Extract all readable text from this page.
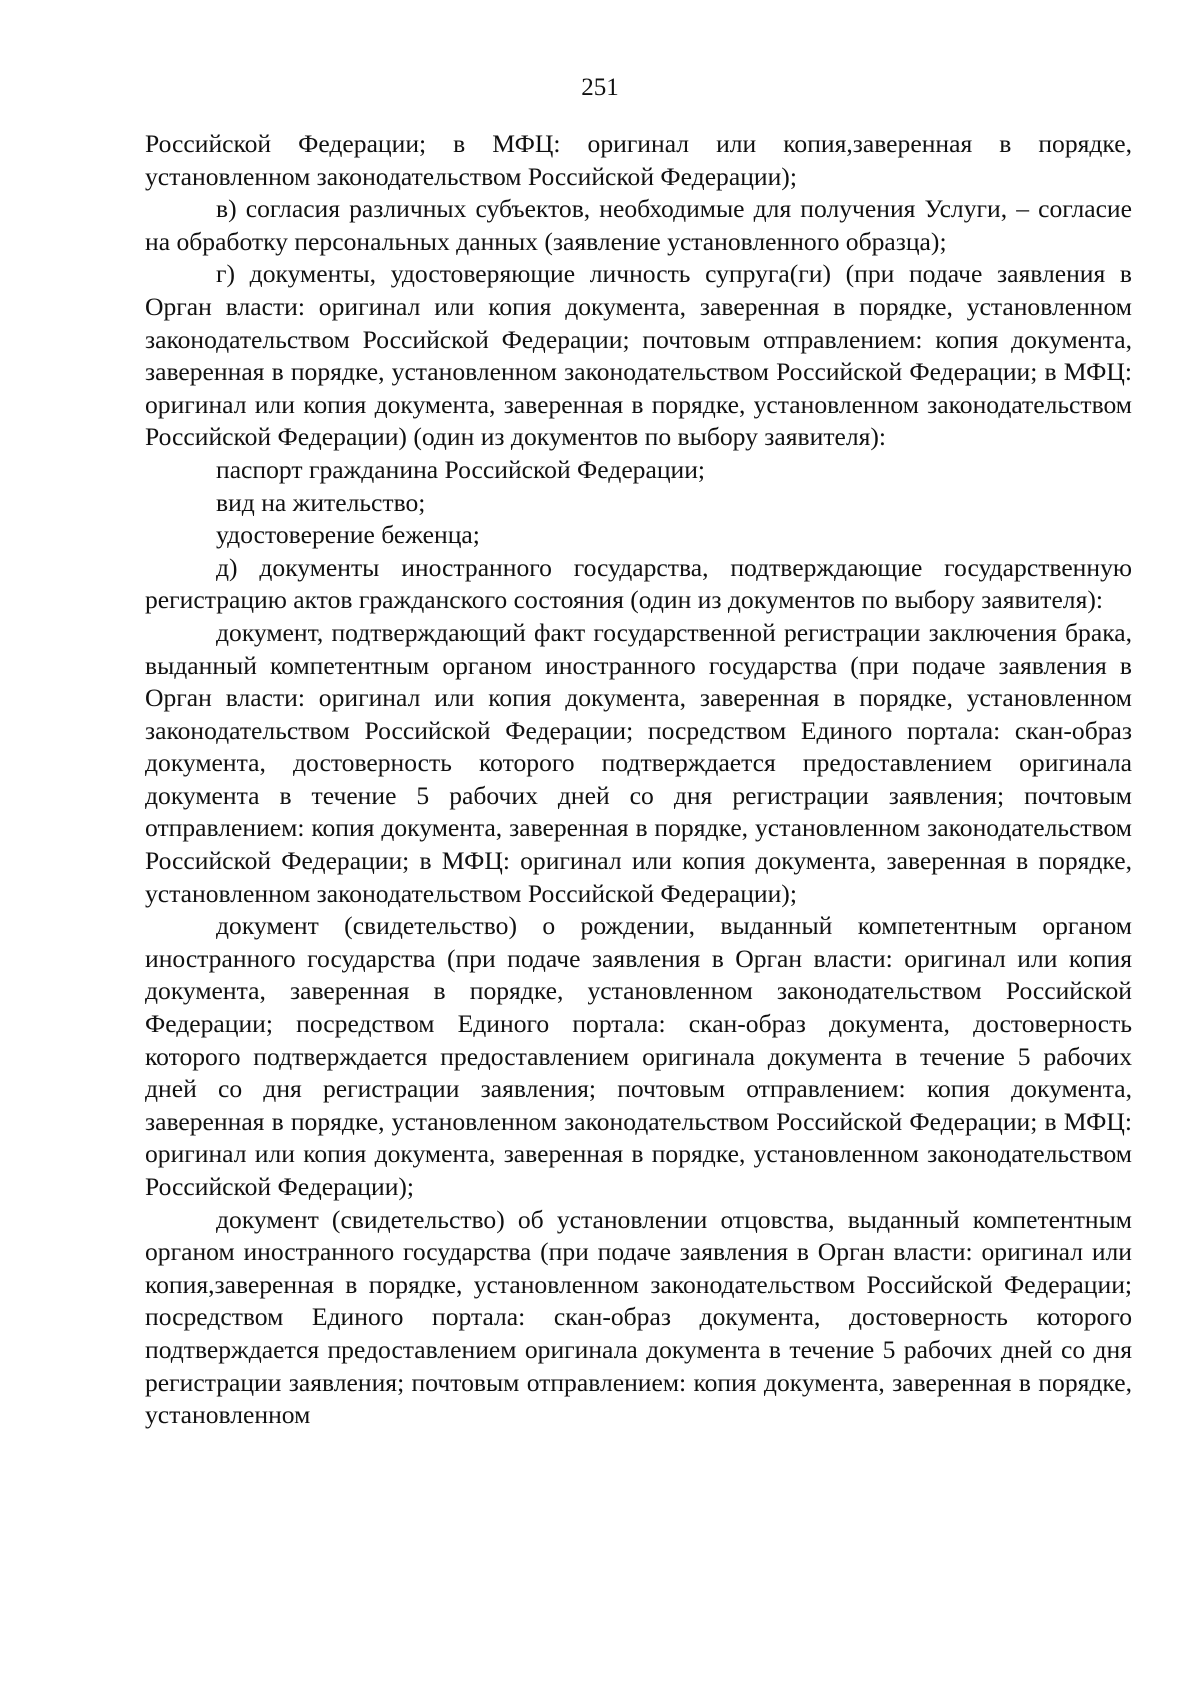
251

Российской Федерации; в МФЦ: оригинал или копия,заверенная в порядке, установленном законодательством Российской Федерации);

в) согласия различных субъектов, необходимые для получения Услуги, – согласие на обработку персональных данных (заявление установленного образца);

г) документы, удостоверяющие личность супруга(ги) (при подаче заявления в Орган власти: оригинал или копия документа, заверенная в порядке, установленном законодательством Российской Федерации; почтовым отправлением: копия документа, заверенная в порядке, установленном законодательством Российской Федерации; в МФЦ: оригинал или копия документа, заверенная в порядке, установленном законодательством Российской Федерации) (один из документов по выбору заявителя):

паспорт гражданина Российской Федерации;

вид на жительство;

удостоверение беженца;

д) документы иностранного государства, подтверждающие государственную регистрацию актов гражданского состояния (один из документов по выбору заявителя):

документ, подтверждающий факт государственной регистрации заключения брака, выданный компетентным органом иностранного государства (при подаче заявления в Орган власти: оригинал или копия документа, заверенная в порядке, установленном законодательством Российской Федерации; посредством Единого портала: скан-образ документа, достоверность которого подтверждается предоставлением оригинала документа в течение 5 рабочих дней со дня регистрации заявления; почтовым отправлением: копия документа, заверенная в порядке, установленном законодательством Российской Федерации; в МФЦ: оригинал или копия документа, заверенная в порядке, установленном законодательством Российской Федерации);

документ (свидетельство) о рождении, выданный компетентным органом иностранного государства (при подаче заявления в Орган власти: оригинал или копия документа, заверенная в порядке, установленном законодательством Российской Федерации; посредством Единого портала: скан-образ документа, достоверность которого подтверждается предоставлением оригинала документа в течение 5 рабочих дней со дня регистрации заявления; почтовым отправлением: копия документа, заверенная в порядке, установленном законодательством Российской Федерации; в МФЦ: оригинал или копия документа, заверенная в порядке, установленном законодательством Российской Федерации);

документ (свидетельство) об установлении отцовства, выданный компетентным органом иностранного государства (при подаче заявления в Орган власти: оригинал или копия,заверенная в порядке, установленном законодательством Российской Федерации; посредством Единого портала: скан-образ документа, достоверность которого подтверждается предоставлением оригинала документа в течение 5 рабочих дней со дня регистрации заявления; почтовым отправлением: копия документа, заверенная в порядке, установленном
